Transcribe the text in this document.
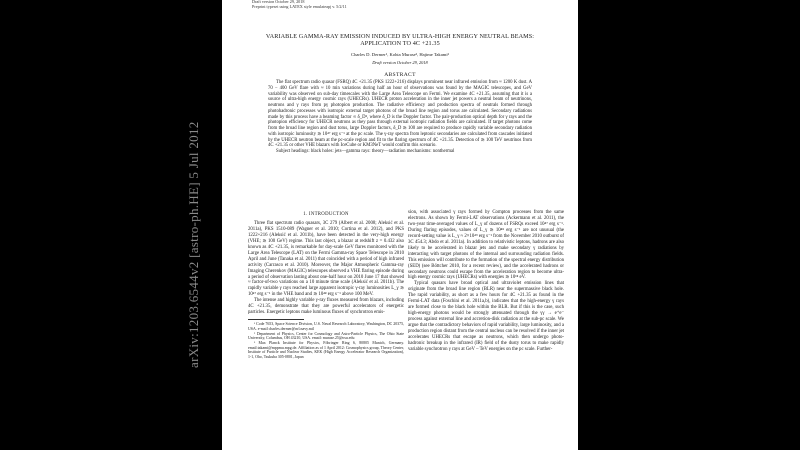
Draft version October 29, 2018
Preprint typeset using LATEX style emulateapj v. 5/2/11
VARIABLE GAMMA-RAY EMISSION INDUCED BY ULTRA-HIGH ENERGY NEUTRAL BEAMS:
APPLICATION TO 4C +21.35
Charles D. Dermer¹, Kohta Murase², Hajime Takami³
Draft version October 29, 2018
ABSTRACT

The flat spectrum radio quasar (FSRQ) 4C +21.35 (PKS 1222+216) displays prominent near infrared emission from ≈ 1200 K dust. A 70 − 400 GeV flare with ≈ 10 min variations during half an hour of observations was found by the MAGIC telescopes, and GeV variability was observed on sub-day timescales with the Large Area Telescope on Fermi. We examine 4C +21.35, assuming that it is a source of ultra-high energy cosmic rays (UHECRs). UHECR proton acceleration in the inner jet powers a neutral beam of neutrinons, neutrons and γ rays from pγ photopion production. The radiative efficiency and production spectra of neutrals formed through photohadronic processes with isotropic external target photons of the broad line region and torus are calculated. Secondary radiations made by this process have a beaming factor ∝ δ_D², where δ_D is the Doppler factor. The pair-production optical depth for γ rays and the photopion efficiency for UHECR neutrons as they pass through external isotropic radiation fields are calculated. If target photons come from the broad line region and dust torus, large Doppler factors, δ_D ≳ 100 are required to produce rapidly variable secondary radiation with isotropic luminosity ≳ 10⁴⁷ erg s⁻¹ at the pc scale. The γ-ray spectra from leptonic secondaries are calculated from cascades initiated by the UHECR neutron beam at the pc-scale region and fit to the flaring spectrum of 4C +21.35. Detection of ≳ 100 TeV neutrinos from 4C +21.35 or other VHE blazars with IceCube or KM3NeT would confirm this scenario.

Subject headings: black holes: jets—gamma rays: theory—radiation mechanisms: nonthermal

1. INTRODUCTION

Three flat spectrum radio quasars, 3C 279 (Albert et al. 2008; Aleksić et al. 2011a), PKS 1510-089 (Wagner et al. 2010; Cortina et al. 2012), and PKS 1222+216 (Aleksić et al. 2011b), have been detected in the very-high energy (VHE; ≳ 100 GeV) regime. This last object, a blazar at redshift z = 0.432 also known as 4C +21.35, is remarkable for day-scale GeV flares monitored with the Large Area Telescope (LAT) on the Fermi Gamma-ray Space Telescope in 2010 April and June (Tanaka et al. 2011) that coincided with a period of high infrared activity (Carrasco et al. 2010). Moreover, the Major Atmospheric Gamma-ray Imaging Cherenkov (MAGIC) telescopes observed a VHE flaring episode during a period of observation lasting about one-half hour on 2010 June 17 that showed ≈ factor-of-two variations on a 10 minute time scale (Aleksić et al. 2011b). The rapidly variable γ rays reached large apparent isotropic γ-ray luminosities L_γ ≳ 10⁴⁷ erg s⁻¹ in the VHE band and ≳ 10⁴⁸ erg s⁻¹ above 100 MeV.

The intense and highly variable γ-ray fluxes measured from blazars, including 4C +21.35, demonstrate that they are powerful accelerators of energetic particles. Energetic leptons make luminous fluxes of synchrotron emis-

¹ Code 7653, Space Science Division, U.S. Naval Research Laboratory, Washington, DC 20375, USA. e-mail charles.dermer@nrl.navy.mil

² Department of Physics, Center for Cosmology and Astro-Particle Physics, The Ohio State University, Columbus, OH 43210, USA. email: murase.25@osu.edu

³ Max Planck Institute for Physics, Föhringer Ring 6, 80805 Munich, Germany. email:takami@mppmu.mpg.de. Affiliation as of 1 April 2012: Cosmophysics group, Theory Center, Institute of Particle and Nuclear Studies, KEK (High Energy Accelerator Research Organization), 1-1, Oho, Tsukuba 305-0801, Japan

sion, with associated γ rays formed by Compton processes from the same electrons. As shown by Fermi-LAT observations (Ackermann et al. 2011), the two-year time-averaged values of L_γ of dozens of FSRQs exceed 10⁴⁷ erg s⁻¹. During flaring episodes, values of L_γ ≳ 10⁴⁸ erg s⁻¹ are not unusual (the record-setting value is L_γ ≈ 2×10⁴⁹ erg s⁻¹ from the November 2010 outburst of 3C 454.3; Abdo et al. 2011a). In addition to relativistic leptons, hadrons are also likely to be accelerated in blazar jets and make secondary γ radiations by interacting with target photons of the internal and surrounding radiation fields. This emission will contribute to the formation of the spectral energy distribution (SED) (see Böttcher 2010, for a recent review), and the accelerated hadrons or secondary neutrons could escape from the acceleration region to become ultra-high energy cosmic rays (UHECRs) with energies ≳ 10¹⁸ eV.

Typical quasars have broad optical and ultraviolet emission lines that originate from the broad line region (BLR) near the supermassive black hole. The rapid variability, as short as a few hours for 4C +21.35 as found in the Fermi-LAT data (Foschini et al. 2011a,b), indicates that the high-energy γ rays are formed close to the black hole within the BLR. But if this is the case, such high-energy photons would be strongly attenuated through the γγ → e⁺e⁻ process against external line and accretion-disk radiation at the sub-pc scale. We argue that the contradictory behaviors of rapid variability, large luminosity, and a production region distant from the central nucleus can be resolved if the inner jet accelerates UHECRs that escape as neutrons, which then undergo photo-hadronic breakup in the infrared (IR) field of the dusty torus to make rapidly variable synchrotron γ rays at GeV – TeV energies on the pc scale. Further-

arXiv:1203.6544v2 [astro-ph.HE] 5 Jul 2012
